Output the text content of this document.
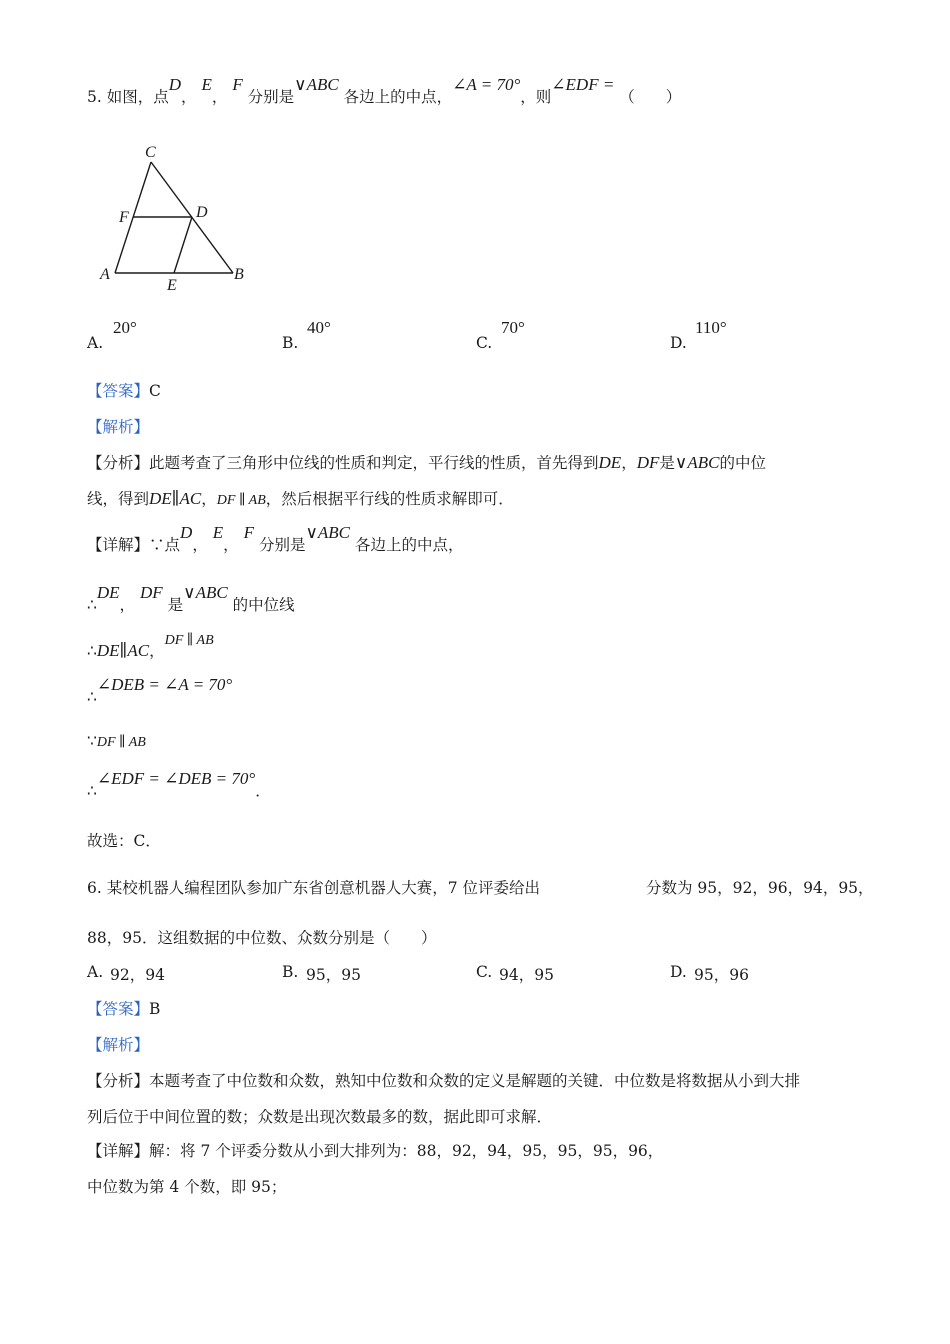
5. 如图，点D， E， F 分别是∨ABC 各边上的中点，∠A = 70°，则∠EDF = （　　）
C
F	D
A
E
B
A.
20°
B.
40°
C.
70°
D.
110°
【答案】C
【解析】
【分析】此题考查了三角形中位线的性质和判定，平行线的性质，首先得到DE，DF是∨ABC的中位
线，得到DE∥AC，DF ∥ AB，然后根据平行线的性质求解即可．
【详解】∵点D， E， F 分别是∨ABC 各边上的中点，
∴DE， DF 是∨ABC 的中位线
∴DE∥AC，DF ∥ AB
∴∠DEB = ∠A = 70°
∵DF ∥ AB
∴∠EDF = ∠DEB = 70°．
故选：C．
6. 某校机器人编程团队参加广东省创意机器人大赛，7 位评委给出	分数为 95，92，96，94，95，
88，95．这组数据的中位数、众数分别是（　　）
A. 92，94	B. 95，95	C. 94，95	D. 95，96
【答案】B
【解析】
【分析】本题考查了中位数和众数，熟知中位数和众数的定义是解题的关键．中位数是将数据从小到大排
列后位于中间位置的数；众数是出现次数最多的数，据此即可求解．
【详解】解：将 7 个评委分数从小到大排列为：88，92，94，95，95，95，96，
中位数为第 4 个数，即 95；
